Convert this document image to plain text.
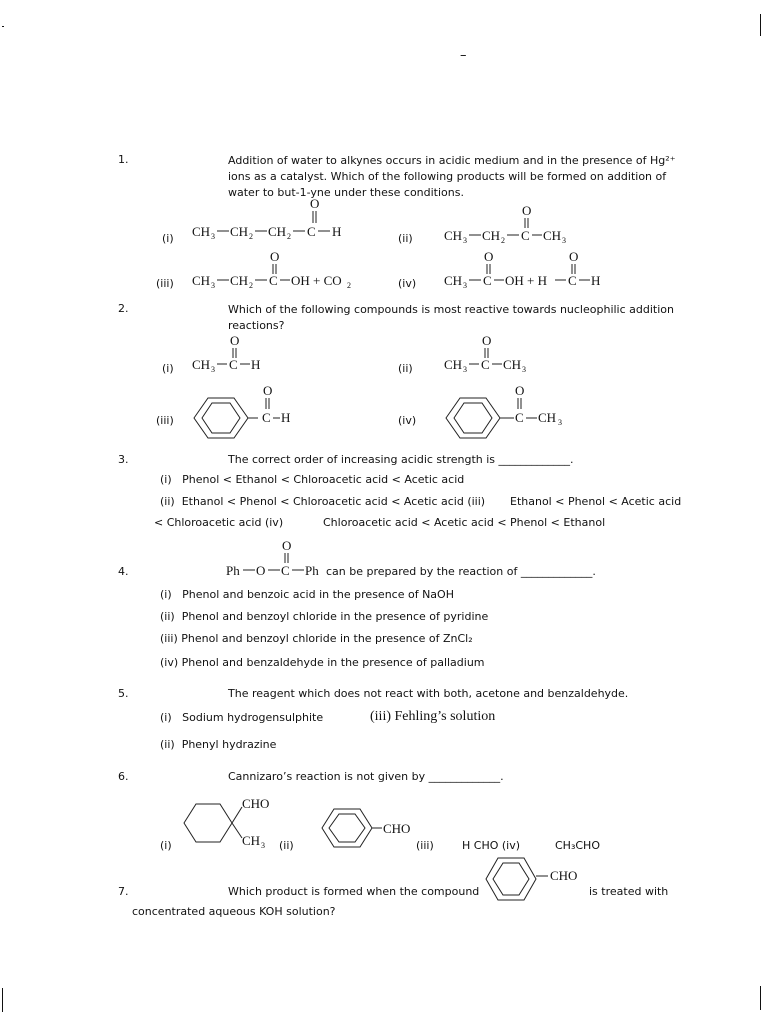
–
1.	Addition of water to alkynes occurs in acidic medium and in the presence of Hg²⁺ ions as a catalyst. Which of the following products will be formed on addition of water to but-1-yne under these conditions.
(i)
O
CH 3 CH 2 CH 2 C H	(ii)
O
CH 3 CH 2 C CH 3
(iii)
O
CH 3 CH 2 C OH + CO 2	(iv)
O	O
CH 3 C OH + H C H
2.	Which of the following compounds is most reactive towards nucleophilic addition reactions?
(i)
O
CH 3 C H	(ii)
O
CH 3 C CH 3
(iii)
O
C H	(iv)
O
C CH 3
3.	The correct order of increasing acidic strength is _____________.
(i)   Phenol < Ethanol < Chloroacetic acid < Acetic acid
(ii)  Ethanol < Phenol < Chloroacetic acid < Acetic acid (iii) Ethanol < Phenol < Acetic acid
< Chloroacetic acid (iv)	Chloroacetic acid < Acetic acid < Phenol < Ethanol
4.
O
Ph O C Ph can be prepared by the reaction of _____________.
(i)   Phenol and benzoic acid in the presence of NaOH
(ii)  Phenol and benzoyl chloride in the presence of pyridine
(iii) Phenol and benzoyl chloride in the presence of ZnCl₂
(iv) Phenol and benzaldehyde in the presence of palladium
5.	The reagent which does not react with both, acetone and benzaldehyde.
(i)   Sodium hydrogensulphite	(iii) Fehling’s solution
(ii)  Phenyl hydrazine
6.	Cannizaro’s reaction is not given by _____________.
(i)
CHO
CH 3 (ii)
CHO
(iii)	H CHO (iv)	CH₃CHO
7.	Which product is formed when the compound
CHO
is treated with
concentrated aqueous KOH solution?
